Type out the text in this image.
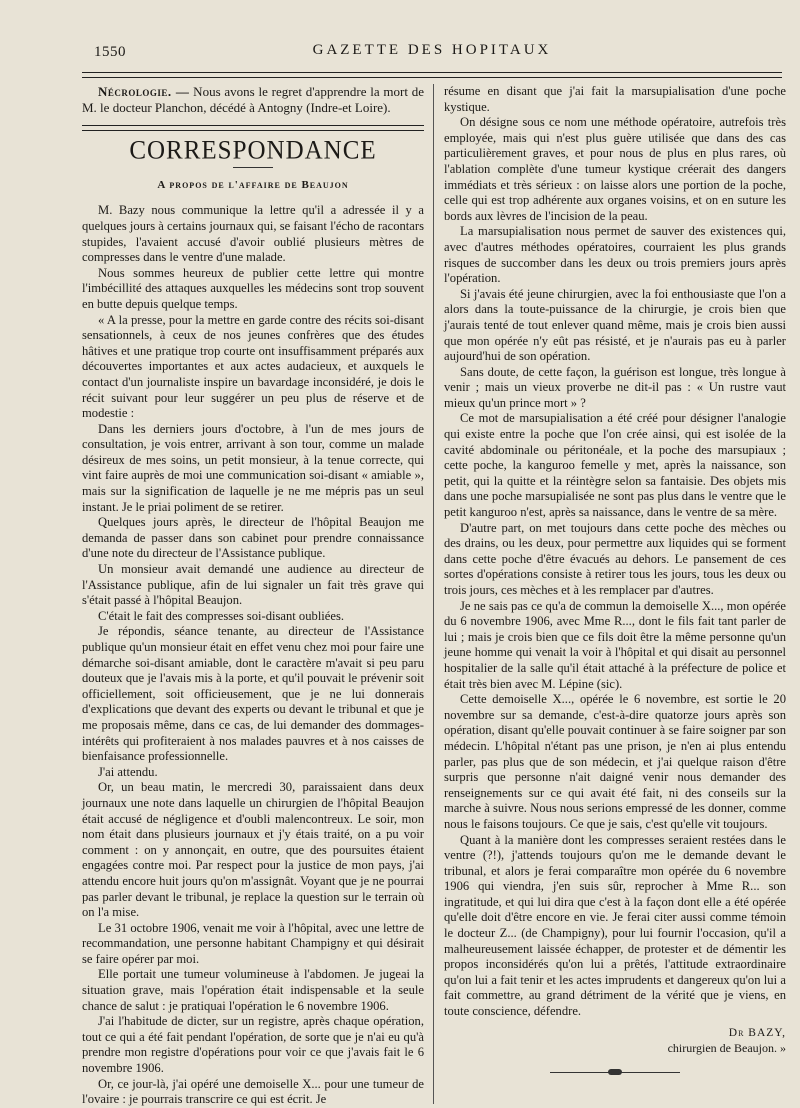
1550	GAZETTE DES HOPITAUX

Nécrologie. — Nous avons le regret d'apprendre la mort de M. le docteur Planchon, décédé à Antogny (Indre-et Loire).

CORRESPONDANCE
A propos de l'affaire de Beaujon

M. Bazy nous communique la lettre qu'il a adressée il y a quelques jours à certains journaux qui, se faisant l'écho de racontars stupides, l'avaient accusé d'avoir oublié plusieurs mètres de compresses dans le ventre d'une malade.

Nous sommes heureux de publier cette lettre qui montre l'imbécillité des attaques auxquelles les médecins sont trop souvent en butte depuis quelque temps.

« A la presse, pour la mettre en garde contre des récits soi-disant sensationnels, à ceux de nos jeunes confrères que des études hâtives et une pratique trop courte ont insuffisamment préparés aux découvertes importantes et aux actes audacieux, et auxquels le contact d'un journaliste inspire un bavardage inconsidéré, je dois le récit suivant pour leur suggérer un peu plus de réserve et de modestie :

Dans les derniers jours d'octobre, à l'un de mes jours de consultation, je vois entrer, arrivant à son tour, comme un malade désireux de mes soins, un petit monsieur, à la tenue correcte, qui vint faire auprès de moi une communication soi-disant « amiable », mais sur la signification de laquelle je ne me mépris pas un seul instant. Je le priai poliment de se retirer.

Quelques jours après, le directeur de l'hôpital Beaujon me demanda de passer dans son cabinet pour prendre connaissance d'une note du directeur de l'Assistance publique.

Un monsieur avait demandé une audience au directeur de l'Assistance publique, afin de lui signaler un fait très grave qui s'était passé à l'hôpital Beaujon.

C'était le fait des compresses soi-disant oubliées.

Je répondis, séance tenante, au directeur de l'Assistance publique qu'un monsieur était en effet venu chez moi pour faire une démarche soi-disant amiable, dont le caractère m'avait si peu paru douteux que je l'avais mis à la porte, et qu'il pouvait le prévenir soit officiellement, soit officieusement, que je ne lui donnerais d'explications que devant des experts ou devant le tribunal et que je me proposais même, dans ce cas, de lui demander des dommages-intérêts qui profiteraient à nos malades pauvres et à nos caisses de bienfaisance professionnelle.

J'ai attendu.

Or, un beau matin, le mercredi 30, paraissaient dans deux journaux une note dans laquelle un chirurgien de l'hôpital Beaujon était accusé de négligence et d'oubli malencontreux. Le soir, mon nom était dans plusieurs journaux et j'y étais traité, on a pu voir comment : on y annonçait, en outre, que des poursuites étaient engagées contre moi. Par respect pour la justice de mon pays, j'ai attendu encore huit jours qu'on m'assignât. Voyant que je ne pourrai pas parler devant le tribunal, je replace la question sur le terrain où on l'a mise.

Le 31 octobre 1906, venait me voir à l'hôpital, avec une lettre de recommandation, une personne habitant Champigny et qui désirait se faire opérer par moi.

Elle portait une tumeur volumineuse à l'abdomen. Je jugeai la situation grave, mais l'opération était indispensable et la seule chance de salut : je pratiquai l'opération le 6 novembre 1906.

J'ai l'habitude de dicter, sur un registre, après chaque opération, tout ce qui a été fait pendant l'opération, de sorte que je n'ai eu qu'à prendre mon registre d'opérations pour voir ce que j'avais fait le 6 novembre 1906.

Or, ce jour-là, j'ai opéré une demoiselle X... pour une tumeur de l'ovaire : je pourrais transcrire ce qui est écrit. Je

résume en disant que j'ai fait la marsupialisation d'une poche kystique.

On désigne sous ce nom une méthode opératoire, autrefois très employée, mais qui n'est plus guère utilisée que dans des cas particulièrement graves, et pour nous de plus en plus rares, où l'ablation complète d'une tumeur kystique créerait des dangers immédiats et très sérieux : on laisse alors une portion de la poche, celle qui est trop adhérente aux organes voisins, et on en suture les bords aux lèvres de l'incision de la peau.

La marsupialisation nous permet de sauver des existences qui, avec d'autres méthodes opératoires, courraient les plus grands risques de succomber dans les deux ou trois premiers jours après l'opération.

Si j'avais été jeune chirurgien, avec la foi enthousiaste que l'on a alors dans la toute-puissance de la chirurgie, je crois bien que j'aurais tenté de tout enlever quand même, mais je crois bien aussi que mon opérée n'y eût pas résisté, et je n'aurais pas eu à parler aujourd'hui de son opération.

Sans doute, de cette façon, la guérison est longue, très longue à venir ; mais un vieux proverbe ne dit-il pas : « Un rustre vaut mieux qu'un prince mort » ?

Ce mot de marsupialisation a été créé pour désigner l'analogie qui existe entre la poche que l'on crée ainsi, qui est isolée de la cavité abdominale ou péritonéale, et la poche des marsupiaux ; cette poche, la kanguroo femelle y met, après la naissance, son petit, qui la quitte et la réintègre selon sa fantaisie. Des objets mis dans une poche marsupialisée ne sont pas plus dans le ventre que le petit kanguroo n'est, après sa naissance, dans le ventre de sa mère.

D'autre part, on met toujours dans cette poche des mèches ou des drains, ou les deux, pour permettre aux liquides qui se forment dans cette poche d'être évacués au dehors. Le pansement de ces sortes d'opérations consiste à retirer tous les jours, tous les deux ou trois jours, ces mèches et à les remplacer par d'autres.

Je ne sais pas ce qu'a de commun la demoiselle X..., mon opérée du 6 novembre 1906, avec Mme R..., dont le fils fait tant parler de lui ; mais je crois bien que ce fils doit être la même personne qu'un jeune homme qui venait la voir à l'hôpital et qui disait au personnel hospitalier de la salle qu'il était attaché à la préfecture de police et était très bien avec M. Lépine (sic).

Cette demoiselle X..., opérée le 6 novembre, est sortie le 20 novembre sur sa demande, c'est-à-dire quatorze jours après son opération, disant qu'elle pouvait continuer à se faire soigner par son médecin. L'hôpital n'étant pas une prison, je n'en ai plus entendu parler, pas plus que de son médecin, et j'ai quelque raison d'être surpris que personne n'ait daigné venir nous demander des renseignements sur ce qui avait été fait, ni des conseils sur la marche à suivre. Nous nous serions empressé de les donner, comme nous le faisons toujours. Ce que je sais, c'est qu'elle vit toujours.

Quant à la manière dont les compresses seraient restées dans le ventre (?!), j'attends toujours qu'on me le demande devant le tribunal, et alors je ferai comparaître mon opérée du 6 novembre 1906 qui viendra, j'en suis sûr, reprocher à Mme R... son ingratitude, et qui lui dira que c'est à la façon dont elle a été opérée qu'elle doit d'être encore en vie. Je ferai citer aussi comme témoin le docteur Z... (de Champigny), pour lui fournir l'occasion, qu'il a malheureusement laissée échapper, de protester et de démentir les propos inconsidérés qu'on lui a prêtés, l'attitude extraordinaire qu'on lui a fait tenir et les actes imprudents et dangereux qu'on lui a fait commettre, au grand détriment de la vérité que je viens, en toute conscience, défendre.

Dr BAZY,

chirurgien de Beaujon. »
